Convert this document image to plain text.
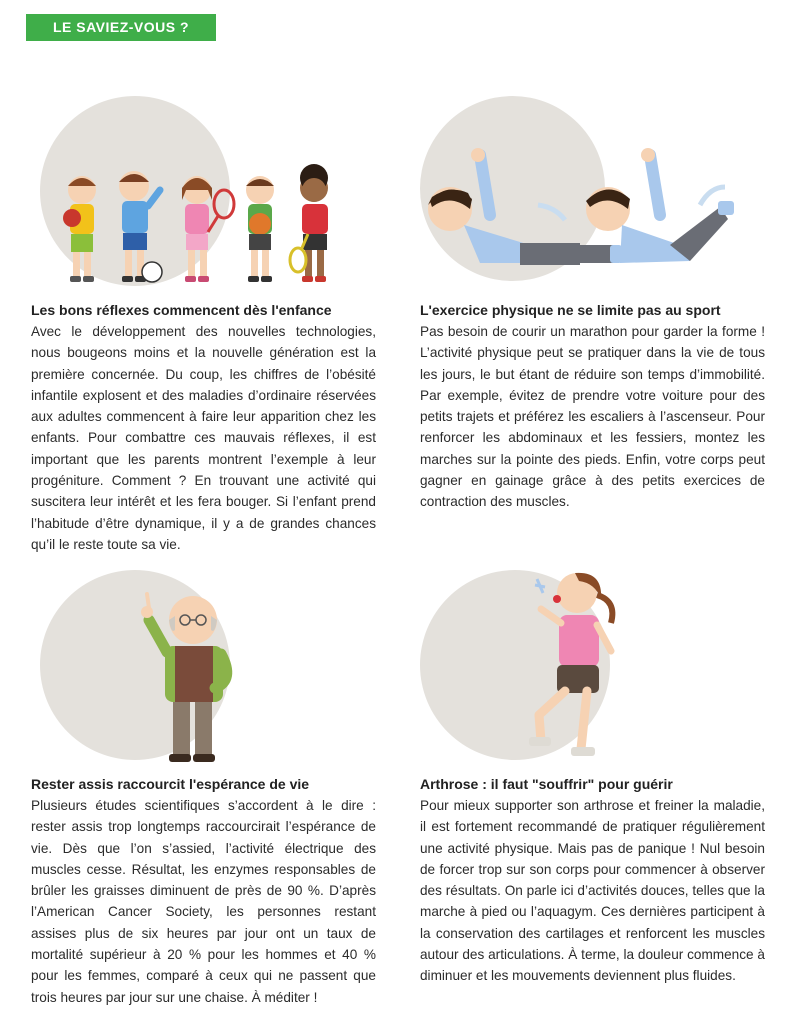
LE SAVIEZ-VOUS ?
Les bons réflexes commencent dès l'enfance

Avec le développement des nouvelles technologies, nous bougeons moins et la nouvelle génération est la première concernée. Du coup, les chiffres de l’obésité infantile explosent et des maladies d’ordinaire réservées aux adultes commencent à faire leur apparition chez les enfants. Pour combattre ces mauvais réflexes, il est important que les parents montrent l’exemple à leur progéniture. Comment ? En trouvant une activité qui suscitera leur intérêt et les fera bouger. Si l’enfant prend l’habitude d’être dynamique, il y a de grandes chances qu’il le reste toute sa vie.

L'exercice physique ne se limite pas au sport

Pas besoin de courir un marathon pour garder la forme ! L’activité physique peut se pratiquer dans la vie de tous les jours, le but étant de réduire son temps d’immobilité. Par exemple, évitez de prendre votre voiture pour des petits trajets et préférez les escaliers à l’ascenseur. Pour renforcer les abdominaux et les fessiers, montez les marches sur la pointe des pieds. Enfin, votre corps peut gagner en gainage grâce à des petits exercices de contraction des muscles.

Rester assis raccourcit l'espérance de vie

Plusieurs études scientifiques s’accordent à le dire : rester assis trop longtemps raccourcirait l’espérance de vie. Dès que l’on s’assied, l’activité électrique des muscles cesse. Résultat, les enzymes responsables de brûler les graisses diminuent de près de 90 %. D’après l’American Cancer Society, les personnes restant assises plus de six heures par jour ont un taux de mortalité supérieur à 20 % pour les hommes et 40 % pour les femmes, comparé à ceux qui ne passent que trois heures par jour sur une chaise. À méditer !

Arthrose : il faut "souffrir" pour guérir

Pour mieux supporter son arthrose et freiner la maladie, il est fortement recommandé de pratiquer régulièrement une activité physique. Mais pas de panique ! Nul besoin de forcer trop sur son corps pour commencer à observer des résultats. On parle ici d’activités douces, telles que la marche à pied ou l’aquagym. Ces dernières participent à la conservation des cartilages et renforcent les muscles autour des articulations. À terme, la douleur commence à diminuer et les mouvements deviennent plus fluides.
